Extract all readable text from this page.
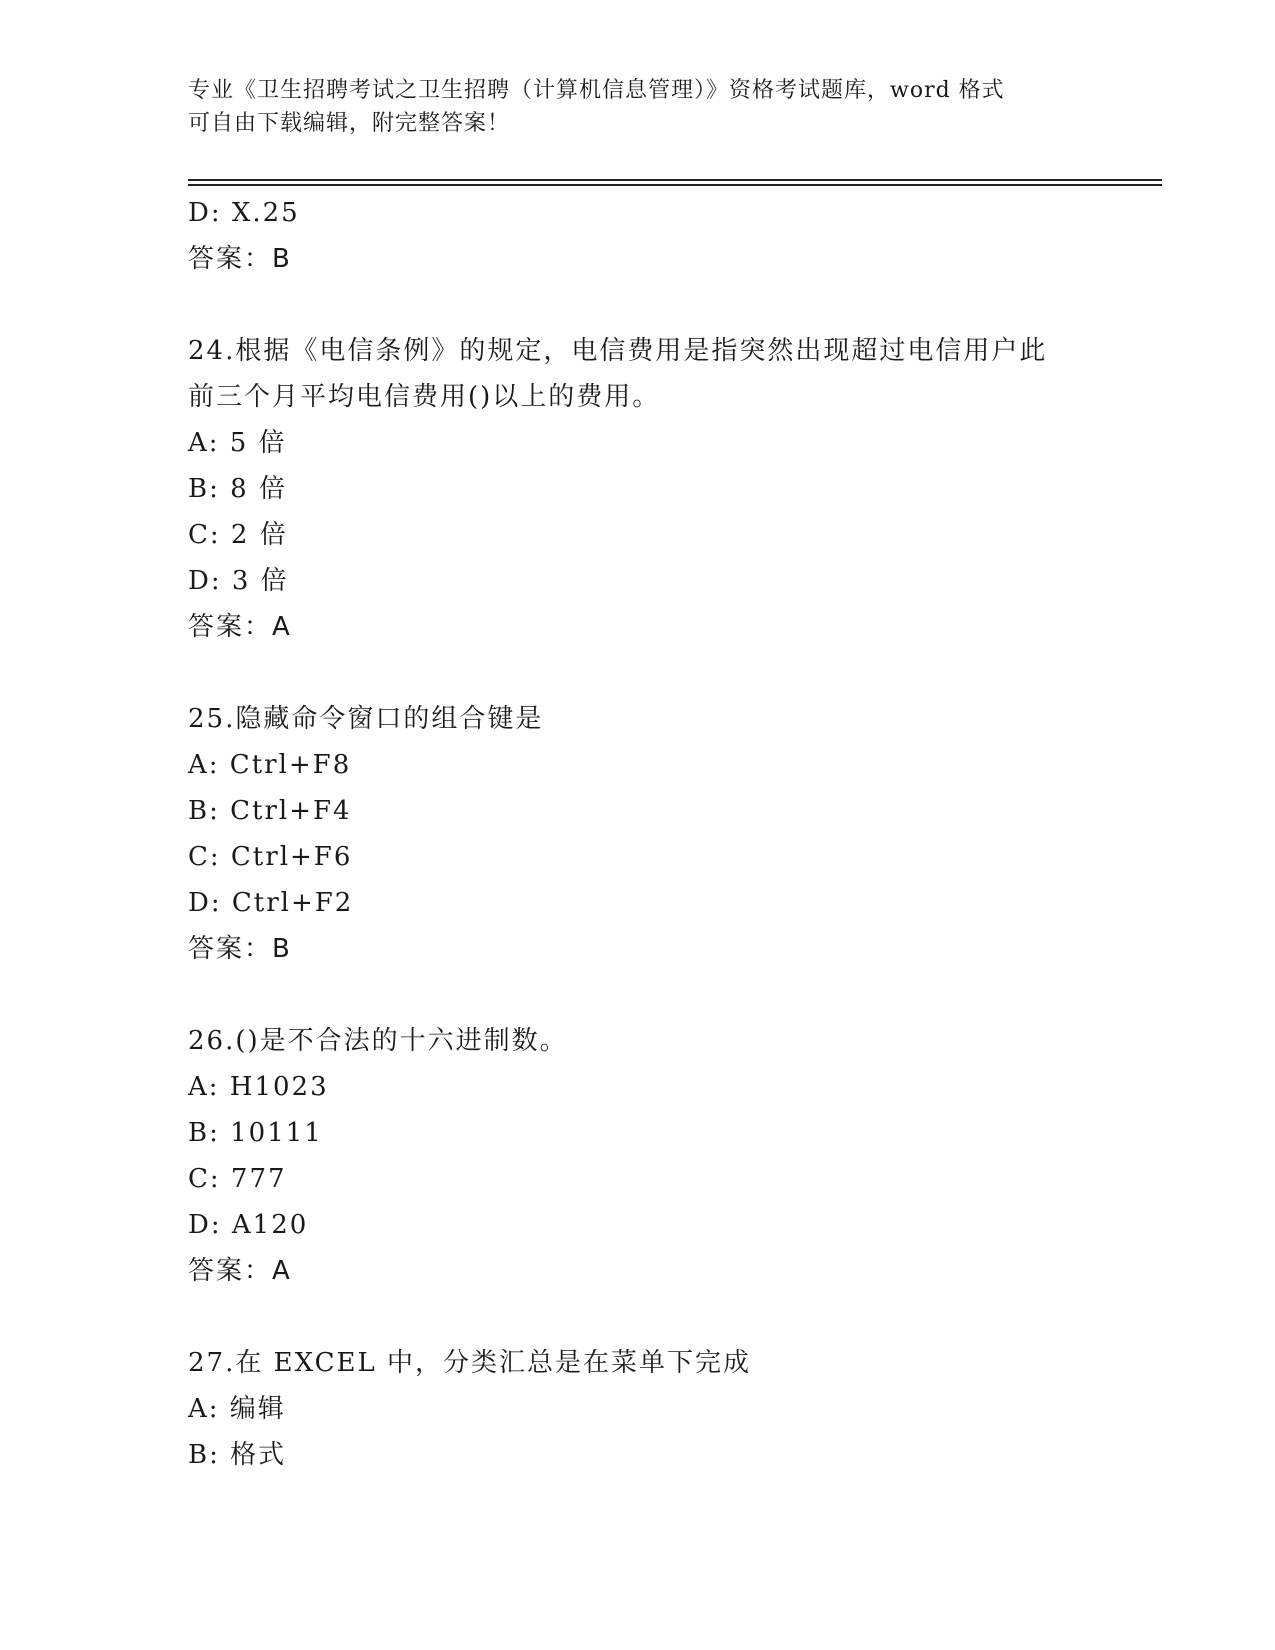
专业《卫生招聘考试之卫生招聘（计算机信息管理）》资格考试题库，word 格式

可自由下载编辑，附完整答案！

D: X.25
答案：B
24.根据《电信条例》的规定，电信费用是指突然出现超过电信用户此
前三个月平均电信费用()以上的费用。
A: 5 倍
B: 8 倍
C: 2 倍
D: 3 倍
答案：A
25.隐藏命令窗口的组合键是
A: Ctrl+F8
B: Ctrl+F4
C: Ctrl+F6
D: Ctrl+F2
答案：B
26.()是不合法的十六进制数。
A: H1023
B: 10111
C: 777
D: A120
答案：A
27.在 EXCEL 中，分类汇总是在菜单下完成
A: 编辑
B: 格式
